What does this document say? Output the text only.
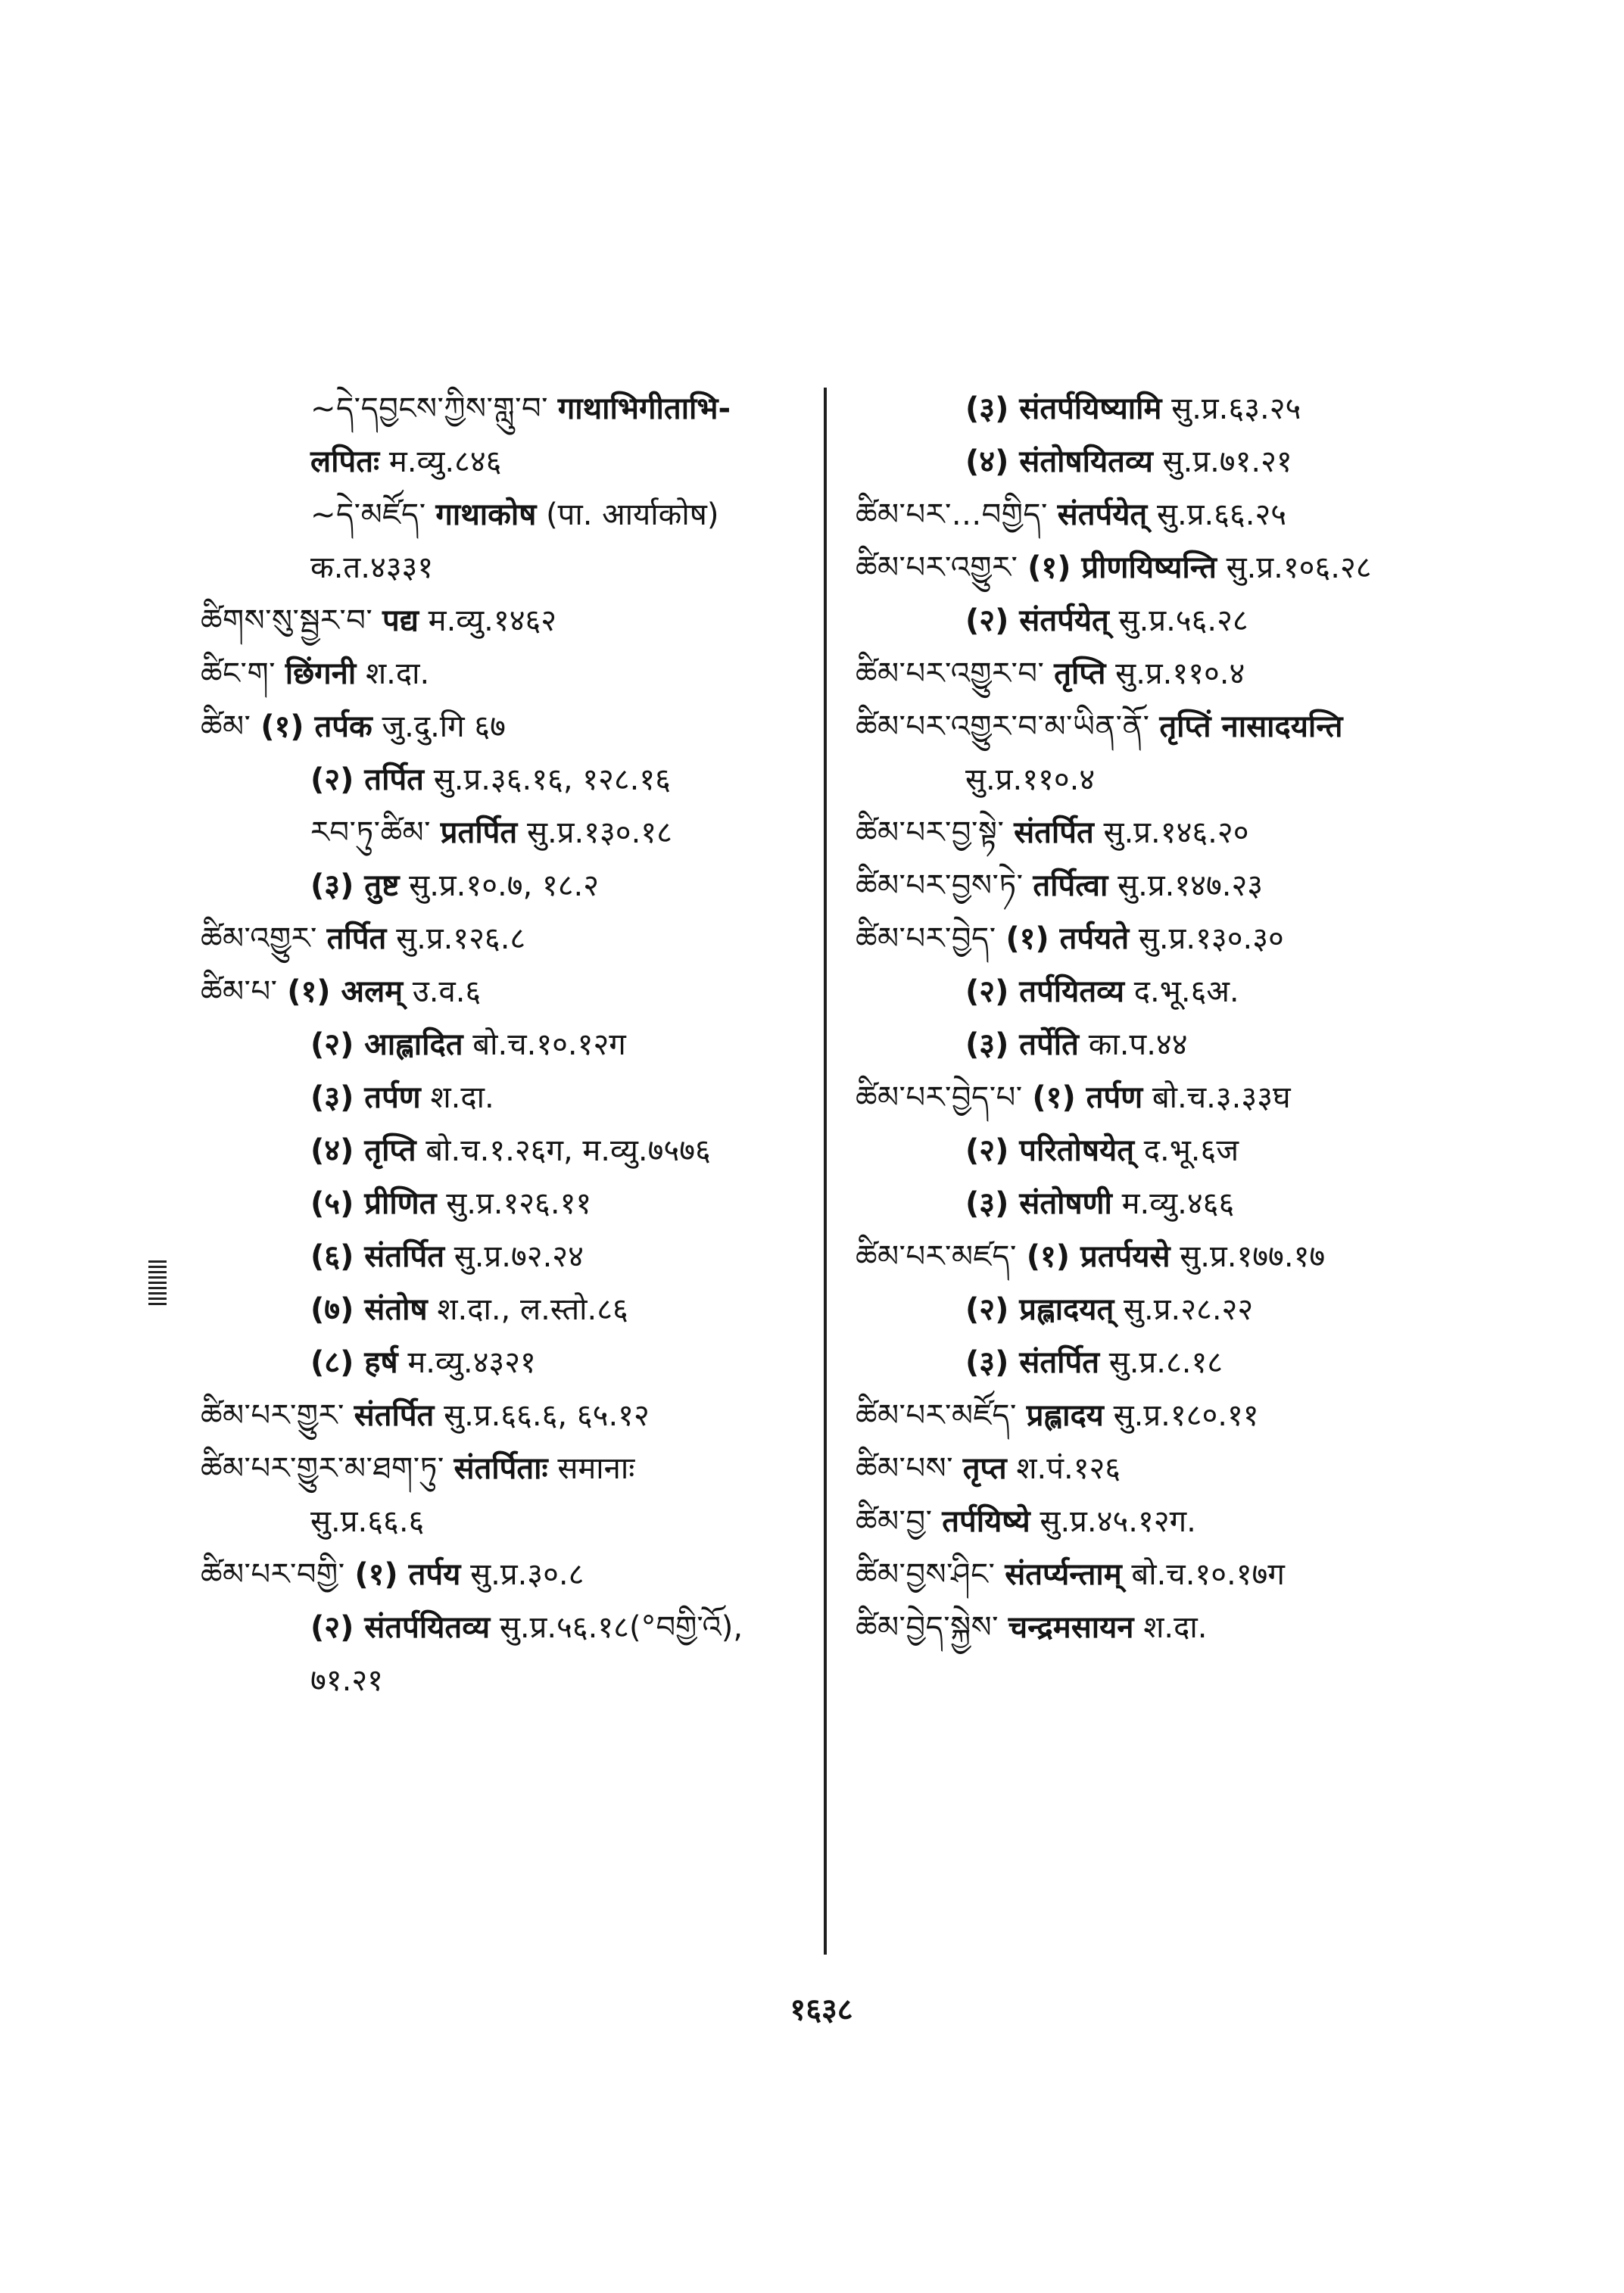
~དེ་དབྱངས་ཀྱིས་གླུ་བ་ गाथाभिगीताभि-
लपितः म.व्यु.८४६
~དེ་མཛོད་ गाथाकोष (पा. आर्याकोष)
क.त.४३३१
ཚིགས་སུ་སྦྱར་བ་ पद्य म.व्यु.१४६२
ཚིང་ག་ छिंगनी श.दा.
ཚིམ་ (१) तर्पक जु.दु.गि ६७
(२) तर्पित सु.प्र.३६.१६, १२८.१६
རབ་ཏུ་ཚིམ་ प्रतर्पित सु.प्र.१३०.१८
(३) तुष्ट सु.प्र.१०.७, १८.२
ཚིམ་འགྱུར་ तर्पित सु.प्र.१२६.८
ཚིམ་པ་ (१) अलम् उ.व.६
(२) आह्लादित बो.च.१०.१२ग
(३) तर्पण श.दा.
(४) तृप्ति बो.च.१.२६ग, म.व्यु.७५७६
(५) प्रीणित सु.प्र.१२६.११
(६) संतर्पित सु.प्र.७२.२४
(७) संतोष श.दा., ल.स्तो.८६
(८) हर्ष म.व्यु.४३२१
ཚིམ་པར་གྱུར་ संतर्पित सु.प्र.६६.६, ६५.१२
ཚིམ་པར་གྱུར་མ་ཐག་ཏུ་ संतर्पिताः समानाः
सु.प्र.६६.६
ཚིམ་པར་བགྱི་ (१) तर्पय सु.प्र.३०.८
(२) संतर्पयितव्य सु.प्र.५६.१८(°བགྱི་འོ),
७१.२१
(३) संतर्पयिष्यामि सु.प्र.६३.२५
(४) संतोषयितव्य सु.प्र.७१.२१
ཚིམ་པར་...བགྱིད་ संतर्पयेत् सु.प्र.६६.२५
ཚིམ་པར་འགྱུར་ (१) प्रीणयिष्यन्ति सु.प्र.१०६.२८
(२) संतर्पयेत् सु.प्र.५६.२८
ཚིམ་པར་འགྱུར་བ་ तृप्ति सु.प्र.११०.४
ཚིམ་པར་འགྱུར་བ་མ་ཡིན་ནོ་ तृप्तिं नासादयन्ति
सु.प्र.११०.४
ཚིམ་པར་བྱ་སྟེ་ संतर्पित सु.प्र.१४६.२०
ཚིམ་པར་བྱས་ཏེ་ तर्पित्वा सु.प्र.१४७.२३
ཚིམ་པར་བྱེད་ (१) तर्पयते सु.प्र.१३०.३०
(२) तर्पयितव्य द.भू.६अ.
(३) तर्पेति का.प.४४
ཚིམ་པར་བྱེད་པ་ (१) तर्पण बो.च.३.३३घ
(२) परितोषयेत् द.भू.६ज
(३) संतोषणी म.व्यु.४६६
ཚིམ་པར་མཛད་ (१) प्रतर्पयसे सु.प्र.१७७.१७
(२) प्रह्लादयत् सु.प्र.२८.२२
(३) संतर्पित सु.प्र.८.१८
ཚིམ་པར་མཛོད་ प्रह्लादय सु.प्र.१८०.११
ཚིམ་པས་ तृप्त श.पं.१२६
ཚིམ་བྱ་ तर्पयिष्ये सु.प्र.४५.१२ग.
ཚིམ་བྱས་ཤིང་ संतर्प्यन्ताम् बो.च.१०.१७ग
ཚིམ་བྱེད་སྐྱེས་ चन्द्रमसायन श.दा.
१६३८
